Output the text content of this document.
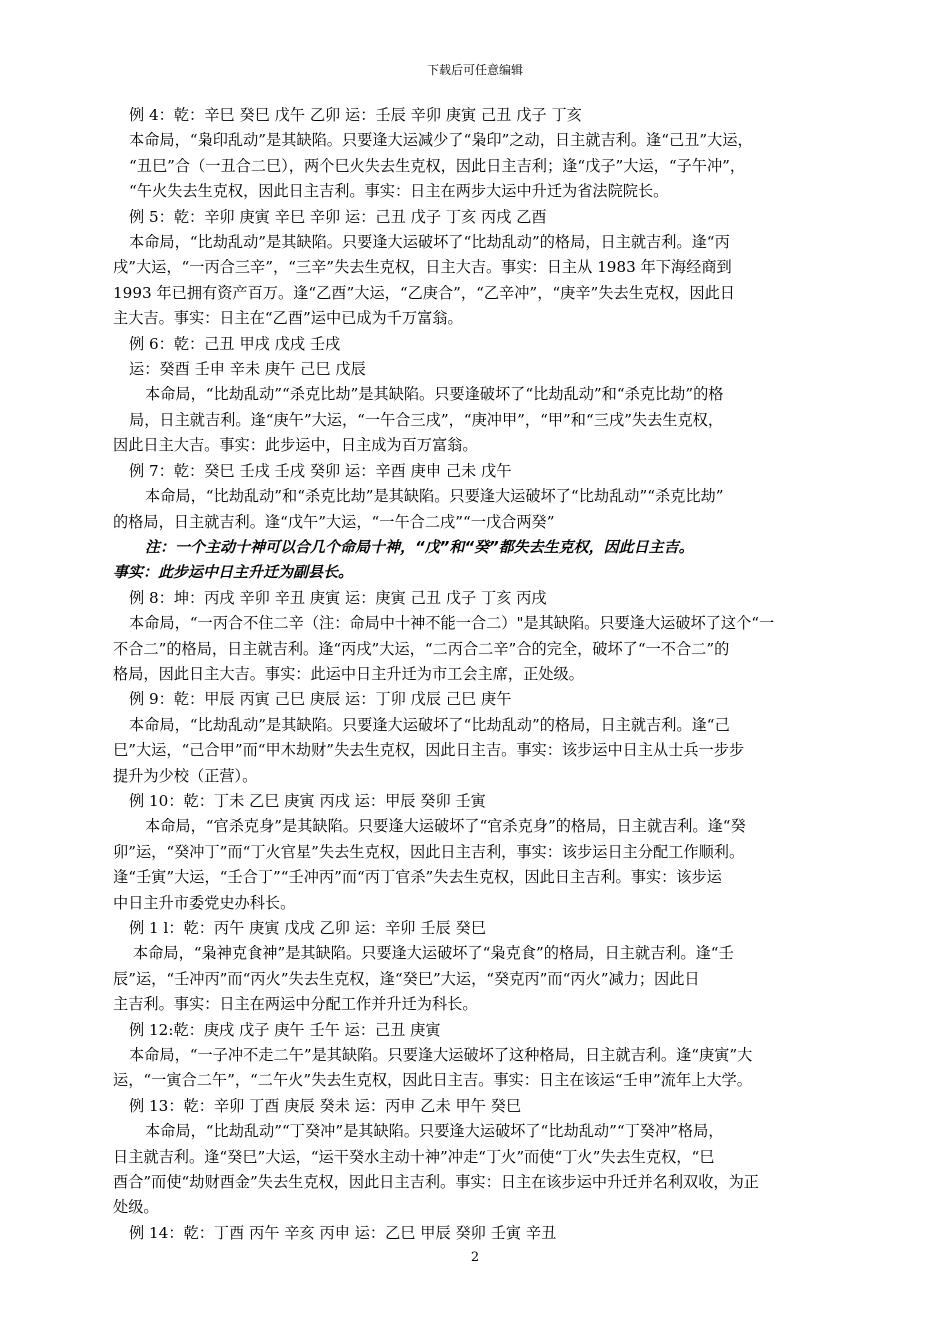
下载后可任意编辑

例 4：乾：辛巳 癸巳 戊午 乙卯 运：壬辰 辛卯 庚寅 己丑 戊子 丁亥

本命局，“枭印乱动”是其缺陷。只要逢大运减少了“枭印”之动，日主就吉利。逢“己丑”大运，

“丑巳”合（一丑合二巳），两个巳火失去生克权，因此日主吉利；逢“戊子”大运，“子午冲”，

“午火失去生克权，因此日主吉利。事实：日主在两步大运中升迁为省法院院长。

例 5：乾：辛卯 庚寅 辛巳 辛卯 运：己丑 戊子 丁亥 丙戌 乙酉

本命局，“比劫乱动”是其缺陷。只要逢大运破坏了“比劫乱动”的格局，日主就吉利。逢“丙

戌”大运，“一丙合三辛”，“三辛”失去生克权，日主大吉。事实：日主从 1983 年下海经商到

1993 年已拥有资产百万。逢“乙酉”大运，“乙庚合”，“乙辛冲”，“庚辛”失去生克权，因此日

主大吉。事实：日主在“乙酉”运中已成为千万富翁。

例 6：乾：己丑 甲戌 戊戌 壬戌

运：癸酉 壬申 辛未 庚午 己巳 戊辰

本命局，“比劫乱动”“杀克比劫”是其缺陷。只要逢破坏了“比劫乱动”和“杀克比劫”的格

局，日主就吉利。逢“庚午”大运，“一午合三戌”，“庚冲甲”，“甲”和“三戌”失去生克权，

因此日主大吉。事实：此步运中，日主成为百万富翁。

例 7：乾：癸巳 壬戌 壬戌 癸卯 运：辛酉 庚申 己未 戊午

本命局，“比劫乱动”和“杀克比劫”是其缺陷。只要逢大运破坏了“比劫乱动”“杀克比劫”

的格局，日主就吉利。逢“戊午”大运，“一午合二戌”“一戊合两癸”

注：一个主动十神可以合几个命局十神，“戊”和“癸”都失去生克权，因此日主吉。

事实：此步运中日主升迁为副县长。

例 8：坤：丙戌 辛卯 辛丑 庚寅 运：庚寅 己丑 戊子 丁亥 丙戌

本命局，“一丙合不住二辛（注：命局中十神不能一合二）"是其缺陷。只要逢大运破坏了这个“一

不合二”的格局，日主就吉利。逢“丙戌”大运，“二丙合二辛”合的完全，破坏了“一不合二”的

格局，因此日主大吉。事实：此运中日主升迁为市工会主席，正处级。

例 9：乾：甲辰 丙寅 己巳 庚辰 运：丁卯 戊辰 己巳 庚午

本命局，“比劫乱动”是其缺陷。只要逢大运破坏了“比劫乱动”的格局，日主就吉利。逢“己

巳”大运，“己合甲”而“甲木劫财”失去生克权，因此日主吉。事实：该步运中日主从士兵一步步

提升为少校（正营）。

例 10：乾：丁未 乙巳 庚寅 丙戌 运：甲辰 癸卯 壬寅

本命局，“官杀克身”是其缺陷。只要逢大运破坏了“官杀克身”的格局，日主就吉利。逢“癸

卯”运，“癸冲丁”而“丁火官星”失去生克权，因此日主吉利，事实：该步运日主分配工作顺利。

逢“壬寅”大运，“壬合丁”“壬冲丙”而“丙丁官杀”失去生克权，因此日主吉利。事实：该步运

中日主升市委党史办科长。

例 1 l：乾：丙午 庚寅 戊戌 乙卯 运：辛卯 壬辰 癸巳

本命局，“枭神克食神”是其缺陷。只要逢大运破坏了“枭克食”的格局，日主就吉利。逢“壬

辰”运，“壬冲丙”而“丙火”失去生克权，逢“癸巳”大运，“癸克丙”而“丙火”减力；因此日

主吉利。事实：日主在两运中分配工作并升迁为科长。

例 12:乾：庚戌 戊子 庚午 壬午 运：己丑 庚寅

本命局，“一子冲不走二午”是其缺陷。只要逢大运破坏了这种格局，日主就吉利。逢“庚寅”大

运，“一寅合二午”，“二午火”失去生克权，因此日主吉。事实：日主在该运“壬申”流年上大学。

例 13：乾：辛卯 丁酉 庚辰 癸未 运：丙申 乙未 甲午 癸巳

本命局，“比劫乱动”“丁癸冲”是其缺陷。只要逢大运破坏了“比劫乱动”“丁癸冲”格局，

日主就吉利。逢“癸巳”大运，“运干癸水主动十神”冲走“丁火”而使“丁火”失去生克权，“巳

酉合”而使“劫财酉金”失去生克权，因此日主吉利。事实：日主在该步运中升迁并名利双收，为正

处级。

例 14：乾：丁酉 丙午 辛亥 丙申 运：乙巳 甲辰 癸卯 壬寅 辛丑

2
